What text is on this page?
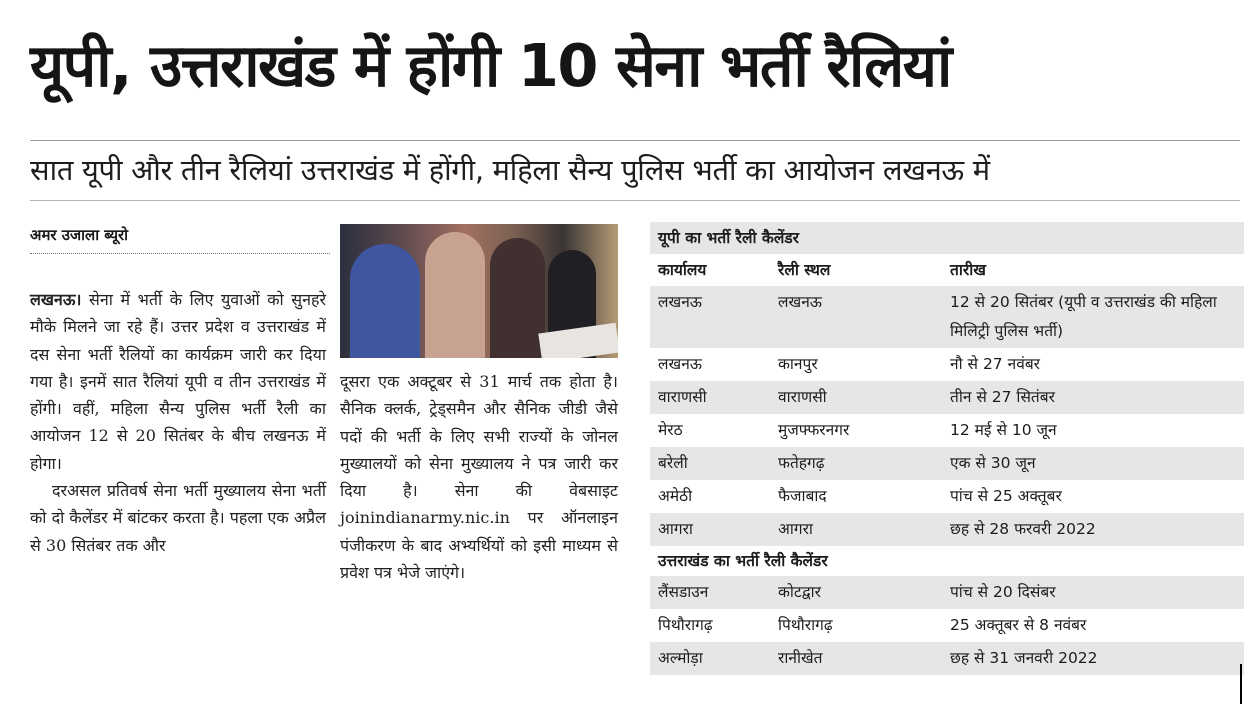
यूपी, उत्तराखंड में होंगी 10 सेना भर्ती रैलियां
सात यूपी और तीन रैलियां उत्तराखंड में होंगी, महिला सैन्य पुलिस भर्ती का आयोजन लखनऊ में
अमर उजाला ब्यूरो

लखनऊ। सेना में भर्ती के लिए युवाओं को सुनहरे मौके मिलने जा रहे हैं। उत्तर प्रदेश व उत्तराखंड में दस सेना भर्ती रैलियों का कार्यक्रम जारी कर दिया गया है। इनमें सात रैलियां यूपी व तीन उत्तराखंड में होंगी। वहीं, महिला सैन्य पुलिस भर्ती रैली का आयोजन 12 से 20 सितंबर के बीच लखनऊ में होगा।

दरअसल प्रतिवर्ष सेना भर्ती मुख्यालय सेना भर्ती को दो कैलेंडर में बांटकर करता है। पहला एक अप्रैल से 30 सितंबर तक और

दूसरा एक अक्टूबर से 31 मार्च तक होता है। सैनिक क्लर्क, ट्रेड्समैन और सैनिक जीडी जैसे पदों की भर्ती के लिए सभी राज्यों के जोनल मुख्यालयों को सेना मुख्यालय ने पत्र जारी कर दिया है। सेना की वेबसाइट joinindianarmy.nic.in पर ऑनलाइन पंजीकरण के बाद अभ्यर्थियों को इसी माध्यम से प्रवेश पत्र भेजे जाएंगे।

यूपी का भर्ती रैली कैलेंडर
कार्यालय	रैली स्थल	तारीख
लखनऊ	लखनऊ	12 से 20 सितंबर (यूपी व उत्तराखंड की महिला मिलिट्री पुलिस भर्ती)
लखनऊ	कानपुर	नौ से 27 नवंबर
वाराणसी	वाराणसी	तीन से 27 सितंबर
मेरठ	मुजफ्फरनगर	12 मई से 10 जून
बरेली	फतेहगढ़	एक से 30 जून
अमेठी	फैजाबाद	पांच से 25 अक्तूबर
आगरा	आगरा	छह से 28 फरवरी 2022
उत्तराखंड का भर्ती रैली कैलेंडर
लैंसडाउन	कोटद्वार	पांच से 20 दिसंबर
पिथौरागढ़	पिथौरागढ़	25 अक्तूबर से 8 नवंबर
अल्मोड़ा	रानीखेत	छह से 31 जनवरी 2022
